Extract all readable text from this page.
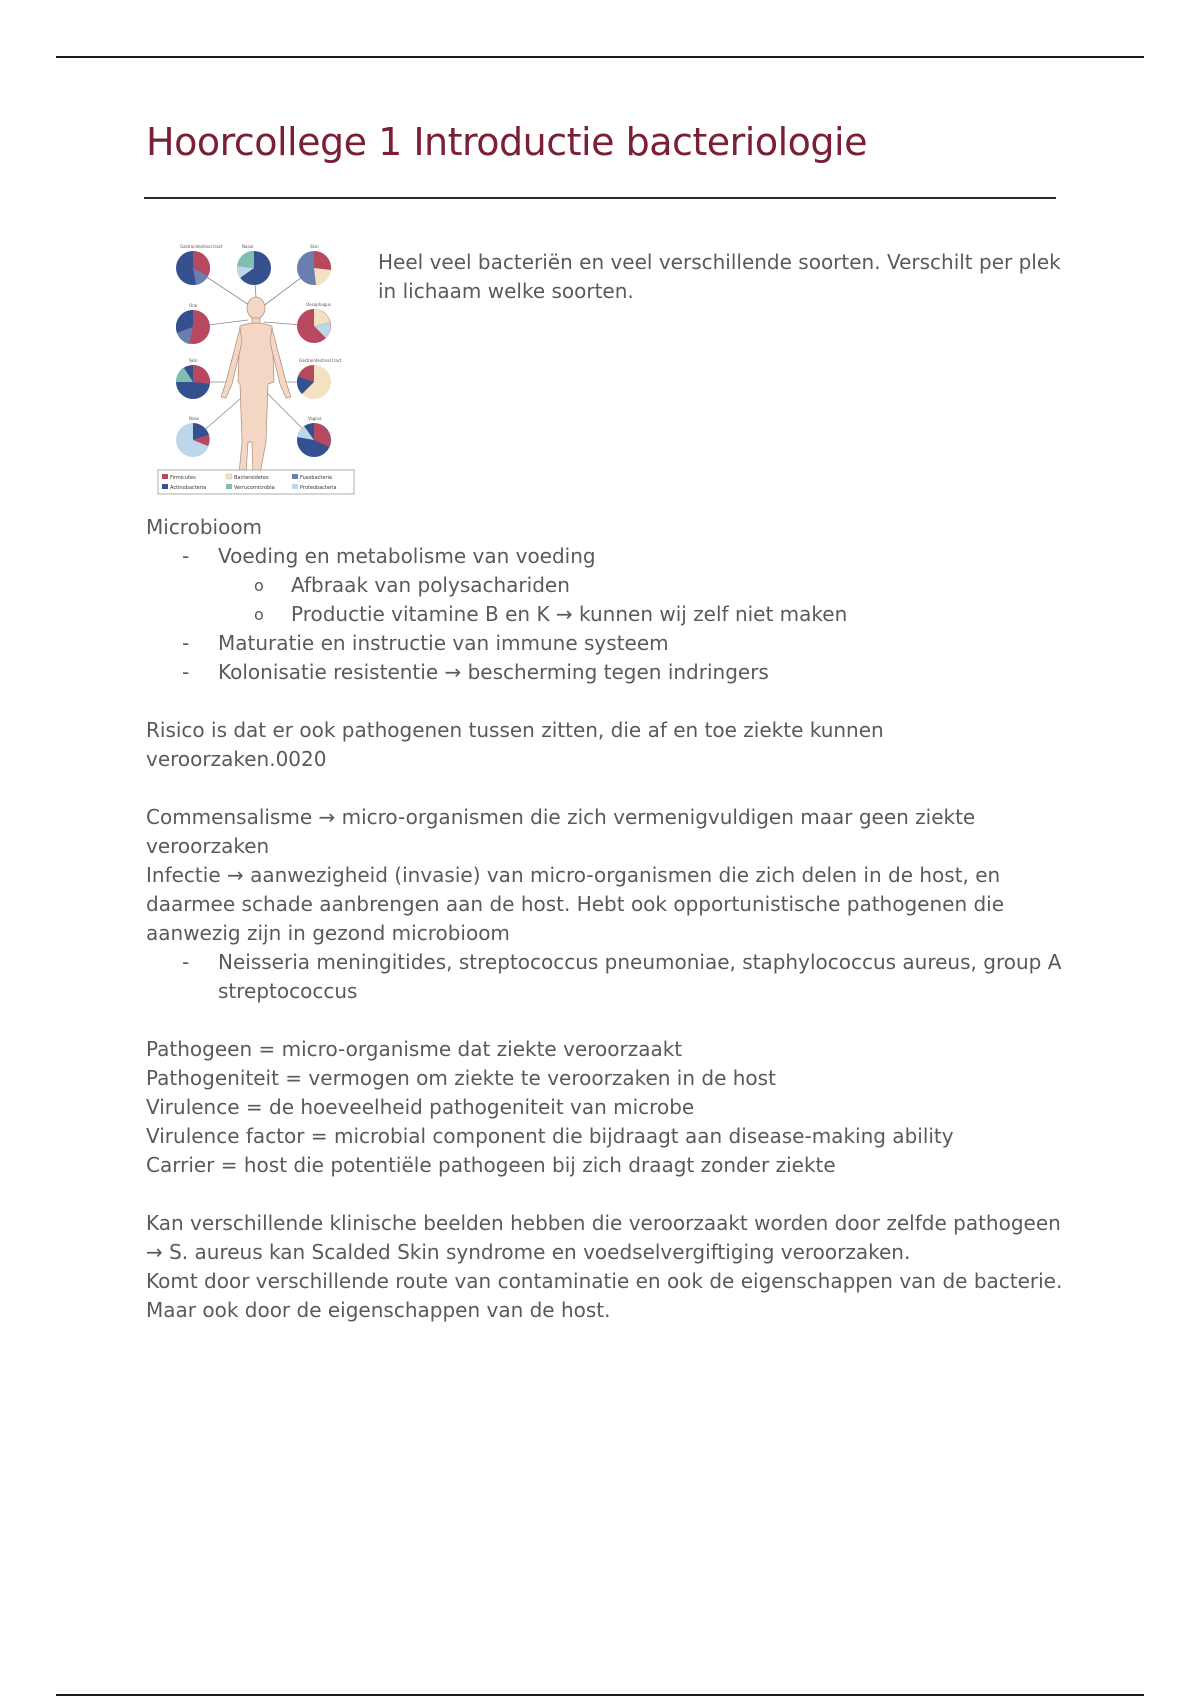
Hoorcollege 1 Introductie bacteriologie
Gastrointestinal tract	Nasal	Skin
Oral	Oesophagus
Skin	Gastrointestinal tract
Nose	Vagina
Firmicutes	Bacteroidetes	Fusobacteria
Actinobacteria	Verrucomicrobia	Proteobacteria

Heel veel bacteriën en veel verschillende soorten. Verschilt per plek in lichaam welke soorten.

Microbioom

- Voeding en metabolisme van voeding
o Afbraak van polysachariden
o Productie vitamine B en K → kunnen wij zelf niet maken
- Maturatie en instructie van immune systeem
- Kolonisatie resistentie → bescherming tegen indringers

Risico is dat er ook pathogenen tussen zitten, die af en toe ziekte kunnen veroorzaken.0020

Commensalisme → micro-organismen die zich vermenigvuldigen maar geen ziekte veroorzaken

Infectie → aanwezigheid (invasie) van micro-organismen die zich delen in de host, en daarmee schade aanbrengen aan de host. Hebt ook opportunistische pathogenen die aanwezig zijn in gezond microbioom

- Neisseria meningitides, streptococcus pneumoniae, staphylococcus aureus, group A streptococcus

Pathogeen = micro-organisme dat ziekte veroorzaakt

Pathogeniteit = vermogen om ziekte te veroorzaken in de host

Virulence = de hoeveelheid pathogeniteit van microbe

Virulence factor = microbial component die bijdraagt aan disease-making ability

Carrier = host die potentiële pathogeen bij zich draagt zonder ziekte

Kan verschillende klinische beelden hebben die veroorzaakt worden door zelfde pathogeen → S. aureus kan Scalded Skin syndrome en voedselvergiftiging veroorzaken.

Komt door verschillende route van contaminatie en ook de eigenschappen van de bacterie. Maar ook door de eigenschappen van de host.
